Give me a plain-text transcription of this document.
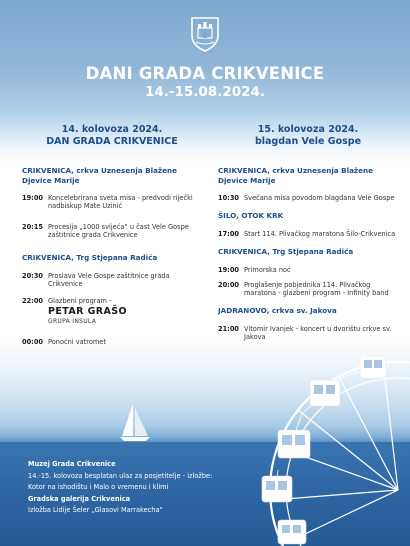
DANI GRADA CRIKVENICE
14.-15.08.2024.
14. kolovoza 2024.
DAN GRADA CRIKVENICE
CRIKVENICA, crkva Uznesenja Blažene Djevice Marije
19:00 Koncelebrirana sveta misa - predvodi riječki nadbiskup Mate Uzinić
20:15 Procesija „1000 svijeća“ u čast Vele Gospe zaštitnice grada Crikvenice
CRIKVENICA, Trg Stjepana Radića
20:30 Proslava Vele Gospe zaštitnice grada Crikvenice
22:00 Glazbeni program -
PETAR GRAŠO
GRUPA INSULA
00:00 Ponoćni vatromet
15. kolovoza 2024.
blagdan Vele Gospe
CRIKVENICA, crkva Uznesenja Blažene Djevice Marije
10:30 Svečana misa povodom blagdana Vele Gospe
ŠILO, OTOK KRK
17:00 Start 114. Plivačkog maratona Šilo-Crikvenica
CRIKVENICA, Trg Stjepana Radića
19:00 Primorska noć
20:00 Proglašenje pobjednika 114. Plivačkog maratona - glazbeni program - Infinity band
JADRANOVO, crkva sv. Jakova
21:00 Vitomir Ivanjek - koncert u dvorištu crkve sv. Jakova
Muzej Grada Crikvenice
14.-15. kolovoza besplatan ulaz za posjetitelje - izložbe:
Kotor na ishodištu i Malo o vremenu i klimi
Gradska galerija Crikvenica
Izložba Lidije Šeler „Glasovi Marrakecha“
